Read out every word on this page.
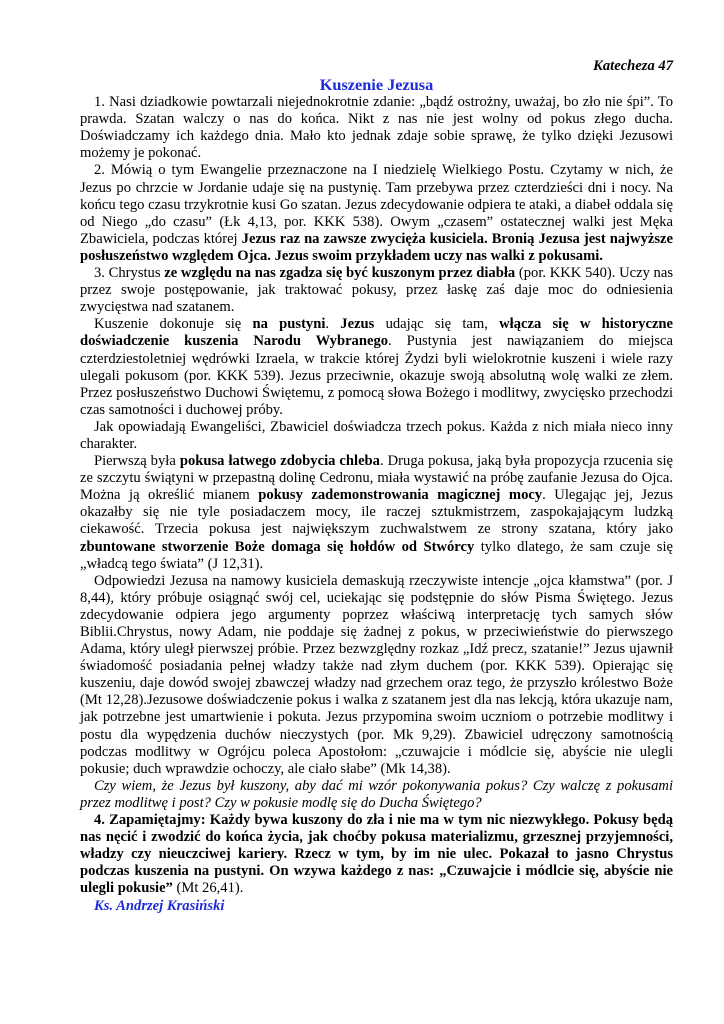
Katecheza 47
Kuszenie Jezusa

1. Nasi dziadkowie powtarzali niejednokrotnie zdanie: „bądź ostrożny, uważaj, bo zło nie śpi”. To prawda. Szatan walczy o nas do końca. Nikt z nas nie jest wolny od pokus złego ducha. Doświadczamy ich każdego dnia. Mało kto jednak zdaje sobie sprawę, że tylko dzięki Jezusowi możemy je pokonać.

2. Mówią o tym Ewangelie przeznaczone na I niedzielę Wielkiego Postu. Czytamy w nich, że Jezus po chrzcie w Jordanie udaje się na pustynię. Tam przebywa przez czterdzieści dni i nocy. Na końcu tego czasu trzykrotnie kusi Go szatan. Jezus zdecydowanie odpiera te ataki, a diabeł oddala się od Niego „do czasu” (Łk 4,13, por. KKK 538). Owym „czasem” ostatecznej walki jest Męka Zbawiciela, podczas której Jezus raz na zawsze zwycięża kusiciela. Bronią Jezusa jest najwyższe posłuszeństwo względem Ojca. Jezus swoim przykładem uczy nas walki z pokusami.

3. Chrystus ze względu na nas zgadza się być kuszonym przez diabła (por. KKK 540). Uczy nas przez swoje postępowanie, jak traktować pokusy, przez łaskę zaś daje moc do odniesienia zwycięstwa nad szatanem.

Kuszenie dokonuje się na pustyni. Jezus udając się tam, włącza się w historyczne doświadczenie kuszenia Narodu Wybranego. Pustynia jest nawiązaniem do miejsca czterdziestoletniej wędrówki Izraela, w trakcie której Żydzi byli wielokrotnie kuszeni i wiele razy ulegali pokusom (por. KKK 539). Jezus przeciwnie, okazuje swoją absolutną wolę walki ze złem. Przez posłuszeństwo Duchowi Świętemu, z pomocą słowa Bożego i modlitwy, zwycięsko przechodzi czas samotności i duchowej próby.

Jak opowiadają Ewangeliści, Zbawiciel doświadcza trzech pokus. Każda z nich miała nieco inny charakter.

Pierwszą była pokusa łatwego zdobycia chleba. Druga pokusa, jaką była propozycja rzucenia się ze szczytu świątyni w przepastną dolinę Cedronu, miała wystawić na próbę zaufanie Jezusa do Ojca. Można ją określić mianem pokusy zademonstrowania magicznej mocy. Ulegając jej, Jezus okazałby się nie tyle posiadaczem mocy, ile raczej sztukmistrzem, zaspokajającym ludzką ciekawość. Trzecia pokusa jest największym zuchwalstwem ze strony szatana, który jako zbuntowane stworzenie Boże domaga się hołdów od Stwórcy tylko dlatego, że sam czuje się „władcą tego świata” (J 12,31).

Odpowiedzi Jezusa na namowy kusiciela demaskują rzeczywiste intencje „ojca kłamstwa” (por. J 8,44), który próbuje osiągnąć swój cel, uciekając się podstępnie do słów Pisma Świętego. Jezus zdecydowanie odpiera jego argumenty poprzez właściwą interpretację tych samych słów Biblii.Chrystus, nowy Adam, nie poddaje się żadnej z pokus, w przeciwieństwie do pierwszego Adama, który uległ pierwszej próbie. Przez bezwzględny rozkaz „Idź precz, szatanie!” Jezus ujawnił świadomość posiadania pełnej władzy także nad złym duchem (por. KKK 539). Opierając się kuszeniu, daje dowód swojej zbawczej władzy nad grzechem oraz tego, że przyszło królestwo Boże (Mt 12,28).Jezusowe doświadczenie pokus i walka z szatanem jest dla nas lekcją, która ukazuje nam, jak potrzebne jest umartwienie i pokuta. Jezus przypomina swoim uczniom o potrzebie modlitwy i postu dla wypędzenia duchów nieczystych (por. Mk 9,29). Zbawiciel udręczony samotnością podczas modlitwy w Ogrójcu poleca Apostołom: „czuwajcie i módlcie się, abyście nie ulegli pokusie; duch wprawdzie ochoczy, ale ciało słabe” (Mk 14,38).

Czy wiem, że Jezus był kuszony, aby dać mi wzór pokonywania pokus? Czy walczę z pokusami przez modlitwę i post? Czy w pokusie modlę się do Ducha Świętego?

4. Zapamiętajmy: Każdy bywa kuszony do zła i nie ma w tym nic niezwykłego. Pokusy będą nas nęcić i zwodzić do końca życia, jak choćby pokusa materializmu, grzesznej przyjemności, władzy czy nieuczciwej kariery. Rzecz w tym, by im nie ulec. Pokazał to jasno Chrystus podczas kuszenia na pustyni. On wzywa każdego z nas: „Czuwajcie i módlcie się, abyście nie ulegli pokusie” (Mt 26,41).

Ks. Andrzej Krasiński
